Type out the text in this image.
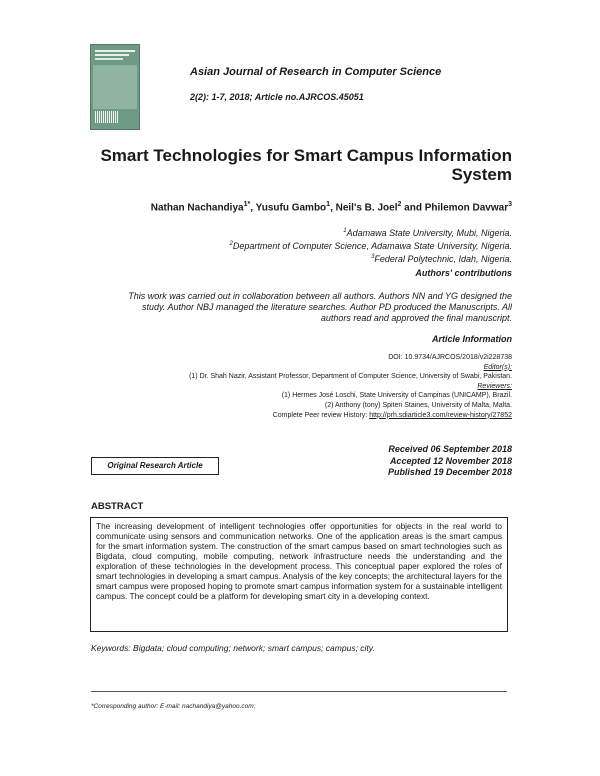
Asian Journal of Research in Computer Science
2(2): 1-7, 2018; Article no.AJRCOS.45051
Smart Technologies for Smart Campus Information
System
Nathan Nachandiya$^{1*}$, Yusufu Gambo$^1$, Neil's B. Joel$^2$ and Philemon Davwar$^3$
$^1$Adamawa State University, Mubi, Nigeria.
$^2$Department of Computer Science, Adamawa State University, Nigeria.
$^3$Federal Polytechnic, Idah, Nigeria.
Authors' contributions
This work was carried out in collaboration between all authors. Authors NN and YG designed the study. Author NBJ managed the literature searches. Author PD produced the Manuscripts. All authors read and approved the final manuscript.
Article Information
DOI: 10.9734/AJRCOS/2018/v2i228738
Editor(s):
(1) Dr. Shah Nazir, Assistant Professor, Department of Computer Science, University of Swabi, Pakistan.
Reviewers:
(1) Hermes José Loschi, State University of Campinas (UNICAMP), Brazil.
(2) Anthony (tony) Spiteri Staines, University of Malta, Malta.
Complete Peer review History: http://prh.sdiarticle3.com/review-history/27852
Original Research Article
Received 06 September 2018
Accepted 12 November 2018
Published 19 December 2018
ABSTRACT
The increasing development of intelligent technologies offer opportunities for objects in the real world to communicate using sensors and communication networks. One of the application areas is the smart campus for the smart information system. The construction of the smart campus based on smart technologies such as Bigdata, cloud computing, mobile computing, network infrastructure needs the understanding and the exploration of these technologies in the development process. This conceptual paper explored the roles of smart technologies in developing a smart campus. Analysis of the key concepts; the architectural layers for the smart campus were proposed hoping to promote smart campus information system for a sustainable intelligent campus. The concept could be a platform for developing smart city in a developing context.
Keywords: Bigdata; cloud computing; network; smart campus; campus; city.
*Corresponding author: E-mail: nachandiya@yahoo.com;
